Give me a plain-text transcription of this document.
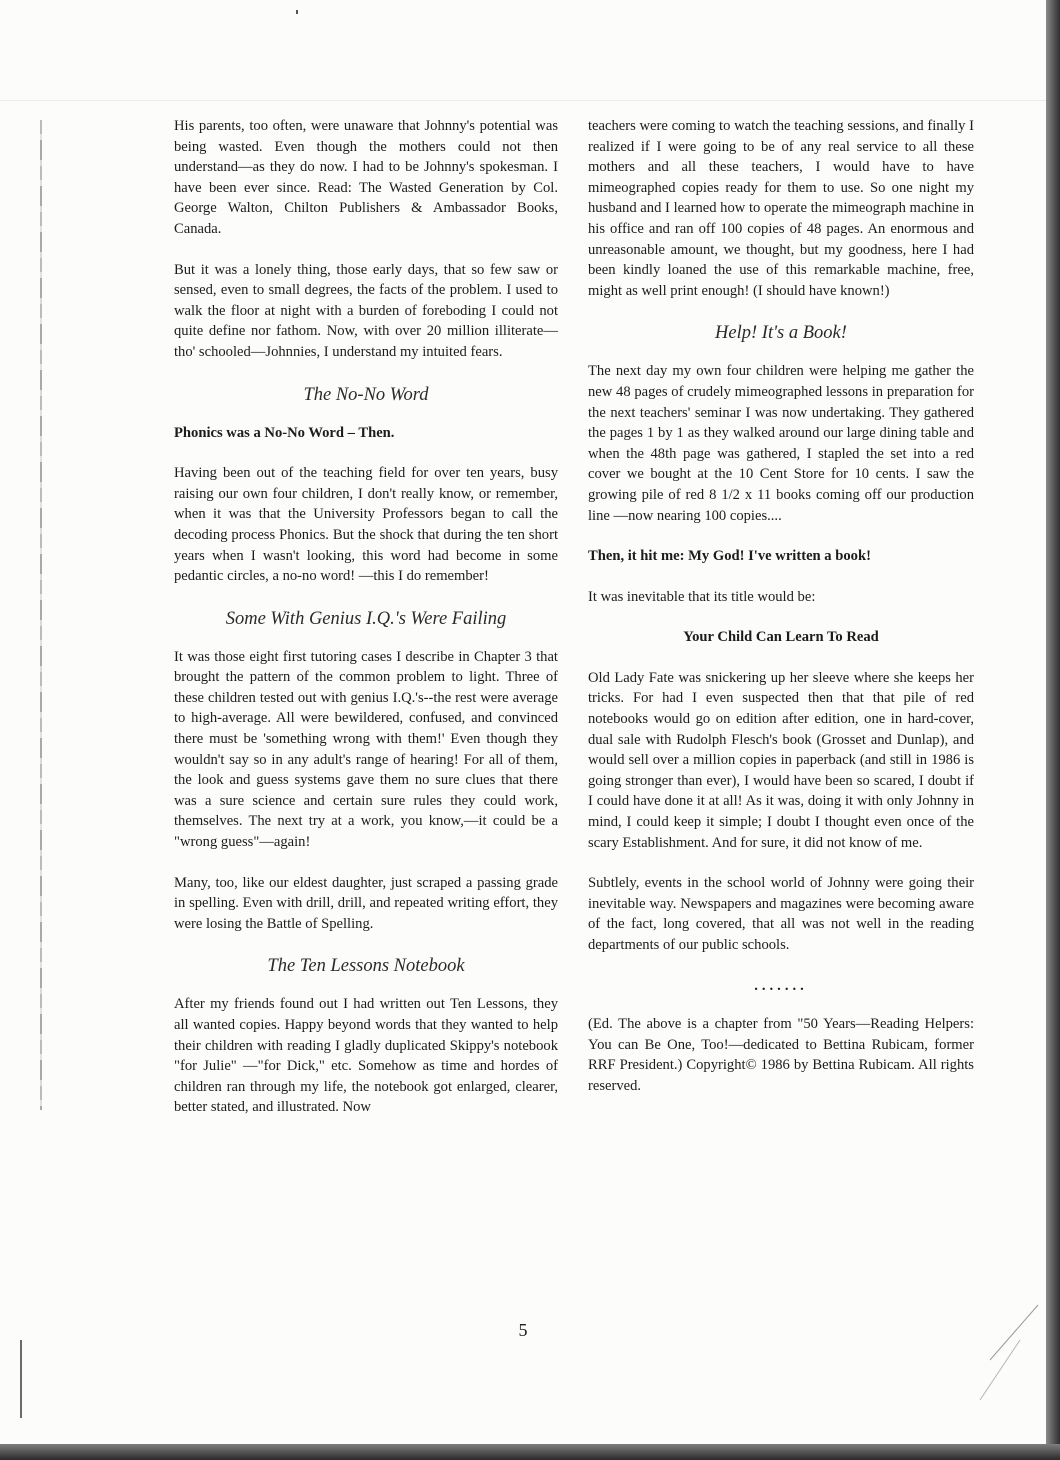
His parents, too often, were unaware that Johnny's potential was being wasted. Even though the mothers could not then understand—as they do now. I had to be Johnny's spokesman. I have been ever since. Read: The Wasted Generation by Col. George Walton, Chilton Publishers & Ambassador Books, Canada.

But it was a lonely thing, those early days, that so few saw or sensed, even to small degrees, the facts of the problem. I used to walk the floor at night with a burden of foreboding I could not quite define nor fathom. Now, with over 20 million illiterate—tho' schooled—Johnnies, I understand my intuited fears.

The No-No Word

Phonics was a No-No Word – Then.

Having been out of the teaching field for over ten years, busy raising our own four children, I don't really know, or remember, when it was that the University Professors began to call the decoding process Phonics. But the shock that during the ten short years when I wasn't looking, this word had become in some pedantic circles, a no-no word! —this I do remember!

Some With Genius I.Q.'s Were Failing

It was those eight first tutoring cases I describe in Chapter 3 that brought the pattern of the common problem to light. Three of these children tested out with genius I.Q.'s--the rest were average to high-average. All were bewildered, confused, and convinced there must be 'something wrong with them!' Even though they wouldn't say so in any adult's range of hearing! For all of them, the look and guess systems gave them no sure clues that there was a sure science and certain sure rules they could work, themselves. The next try at a work, you know,—it could be a "wrong guess"—again!

Many, too, like our eldest daughter, just scraped a passing grade in spelling. Even with drill, drill, and repeated writing effort, they were losing the Battle of Spelling.

The Ten Lessons Notebook

After my friends found out I had written out Ten Lessons, they all wanted copies. Happy beyond words that they wanted to help their children with reading I gladly duplicated Skippy's notebook "for Julie" —"for Dick," etc. Somehow as time and hordes of children ran through my life, the notebook got enlarged, clearer, better stated, and illustrated. Now

teachers were coming to watch the teaching sessions, and finally I realized if I were going to be of any real service to all these mothers and all these teachers, I would have to have mimeographed copies ready for them to use. So one night my husband and I learned how to operate the mimeograph machine in his office and ran off 100 copies of 48 pages. An enormous and unreasonable amount, we thought, but my goodness, here I had been kindly loaned the use of this remarkable machine, free, might as well print enough! (I should have known!)

Help! It's a Book!

The next day my own four children were helping me gather the new 48 pages of crudely mimeographed lessons in preparation for the next teachers' seminar I was now undertaking. They gathered the pages 1 by 1 as they walked around our large dining table and when the 48th page was gathered, I stapled the set into a red cover we bought at the 10 Cent Store for 10 cents. I saw the growing pile of red 8 1/2 x 11 books coming off our production line —now nearing 100 copies....

Then, it hit me: My God! I've written a book!

It was inevitable that its title would be:

Your Child Can Learn To Read

Old Lady Fate was snickering up her sleeve where she keeps her tricks. For had I even suspected then that that pile of red notebooks would go on edition after edition, one in hard-cover, dual sale with Rudolph Flesch's book (Grosset and Dunlap), and would sell over a million copies in paperback (and still in 1986 is going stronger than ever), I would have been so scared, I doubt if I could have done it at all! As it was, doing it with only Johnny in mind, I could keep it simple; I doubt I thought even once of the scary Establishment. And for sure, it did not know of me.

Subtlely, events in the school world of Johnny were going their inevitable way. Newspapers and magazines were becoming aware of the fact, long covered, that all was not well in the reading departments of our public schools.

.......

(Ed. The above is a chapter from "50 Years—Reading Helpers: You can Be One, Too!—dedicated to Bettina Rubicam, former RRF President.) Copyright© 1986 by Bettina Rubicam. All rights reserved.

5
